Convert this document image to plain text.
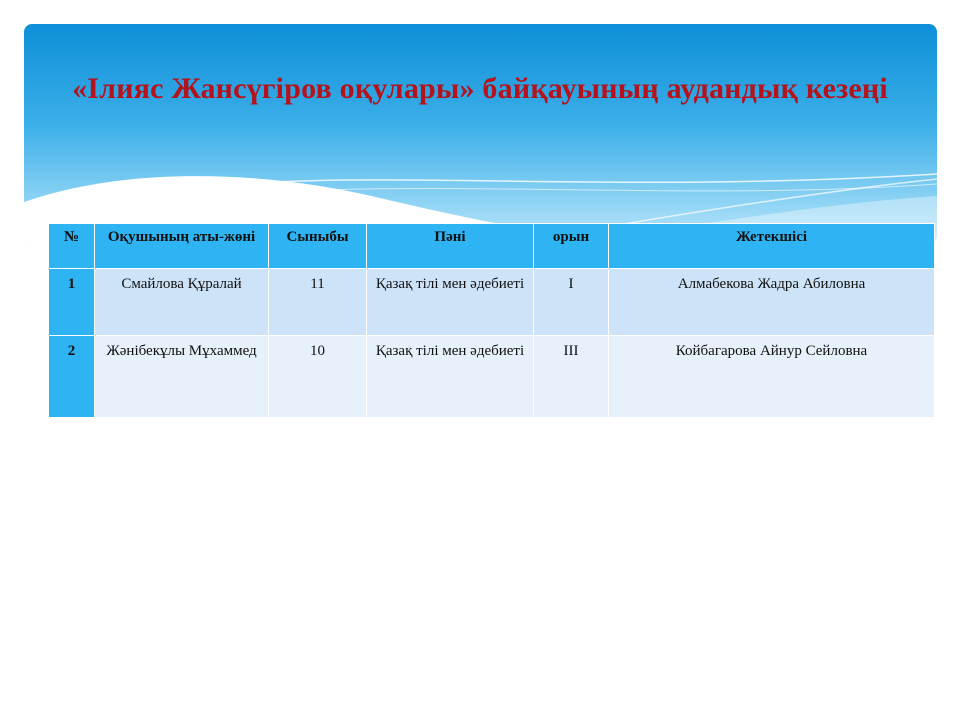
«Ілияс Жансүгіров оқулары» байқауының аудандық кезеңі
№	Оқушының аты-жөні	Сыныбы	Пәні	орын	Жетекшісі
1	Смайлова Құралай	11	Қазақ тілі мен әдебиеті	I	Алмабекова Жадра Абиловна
2	Жәнібекұлы Мұхаммед	10	Қазақ тілі мен әдебиеті	III	Койбагарова Айнур Сейловна
